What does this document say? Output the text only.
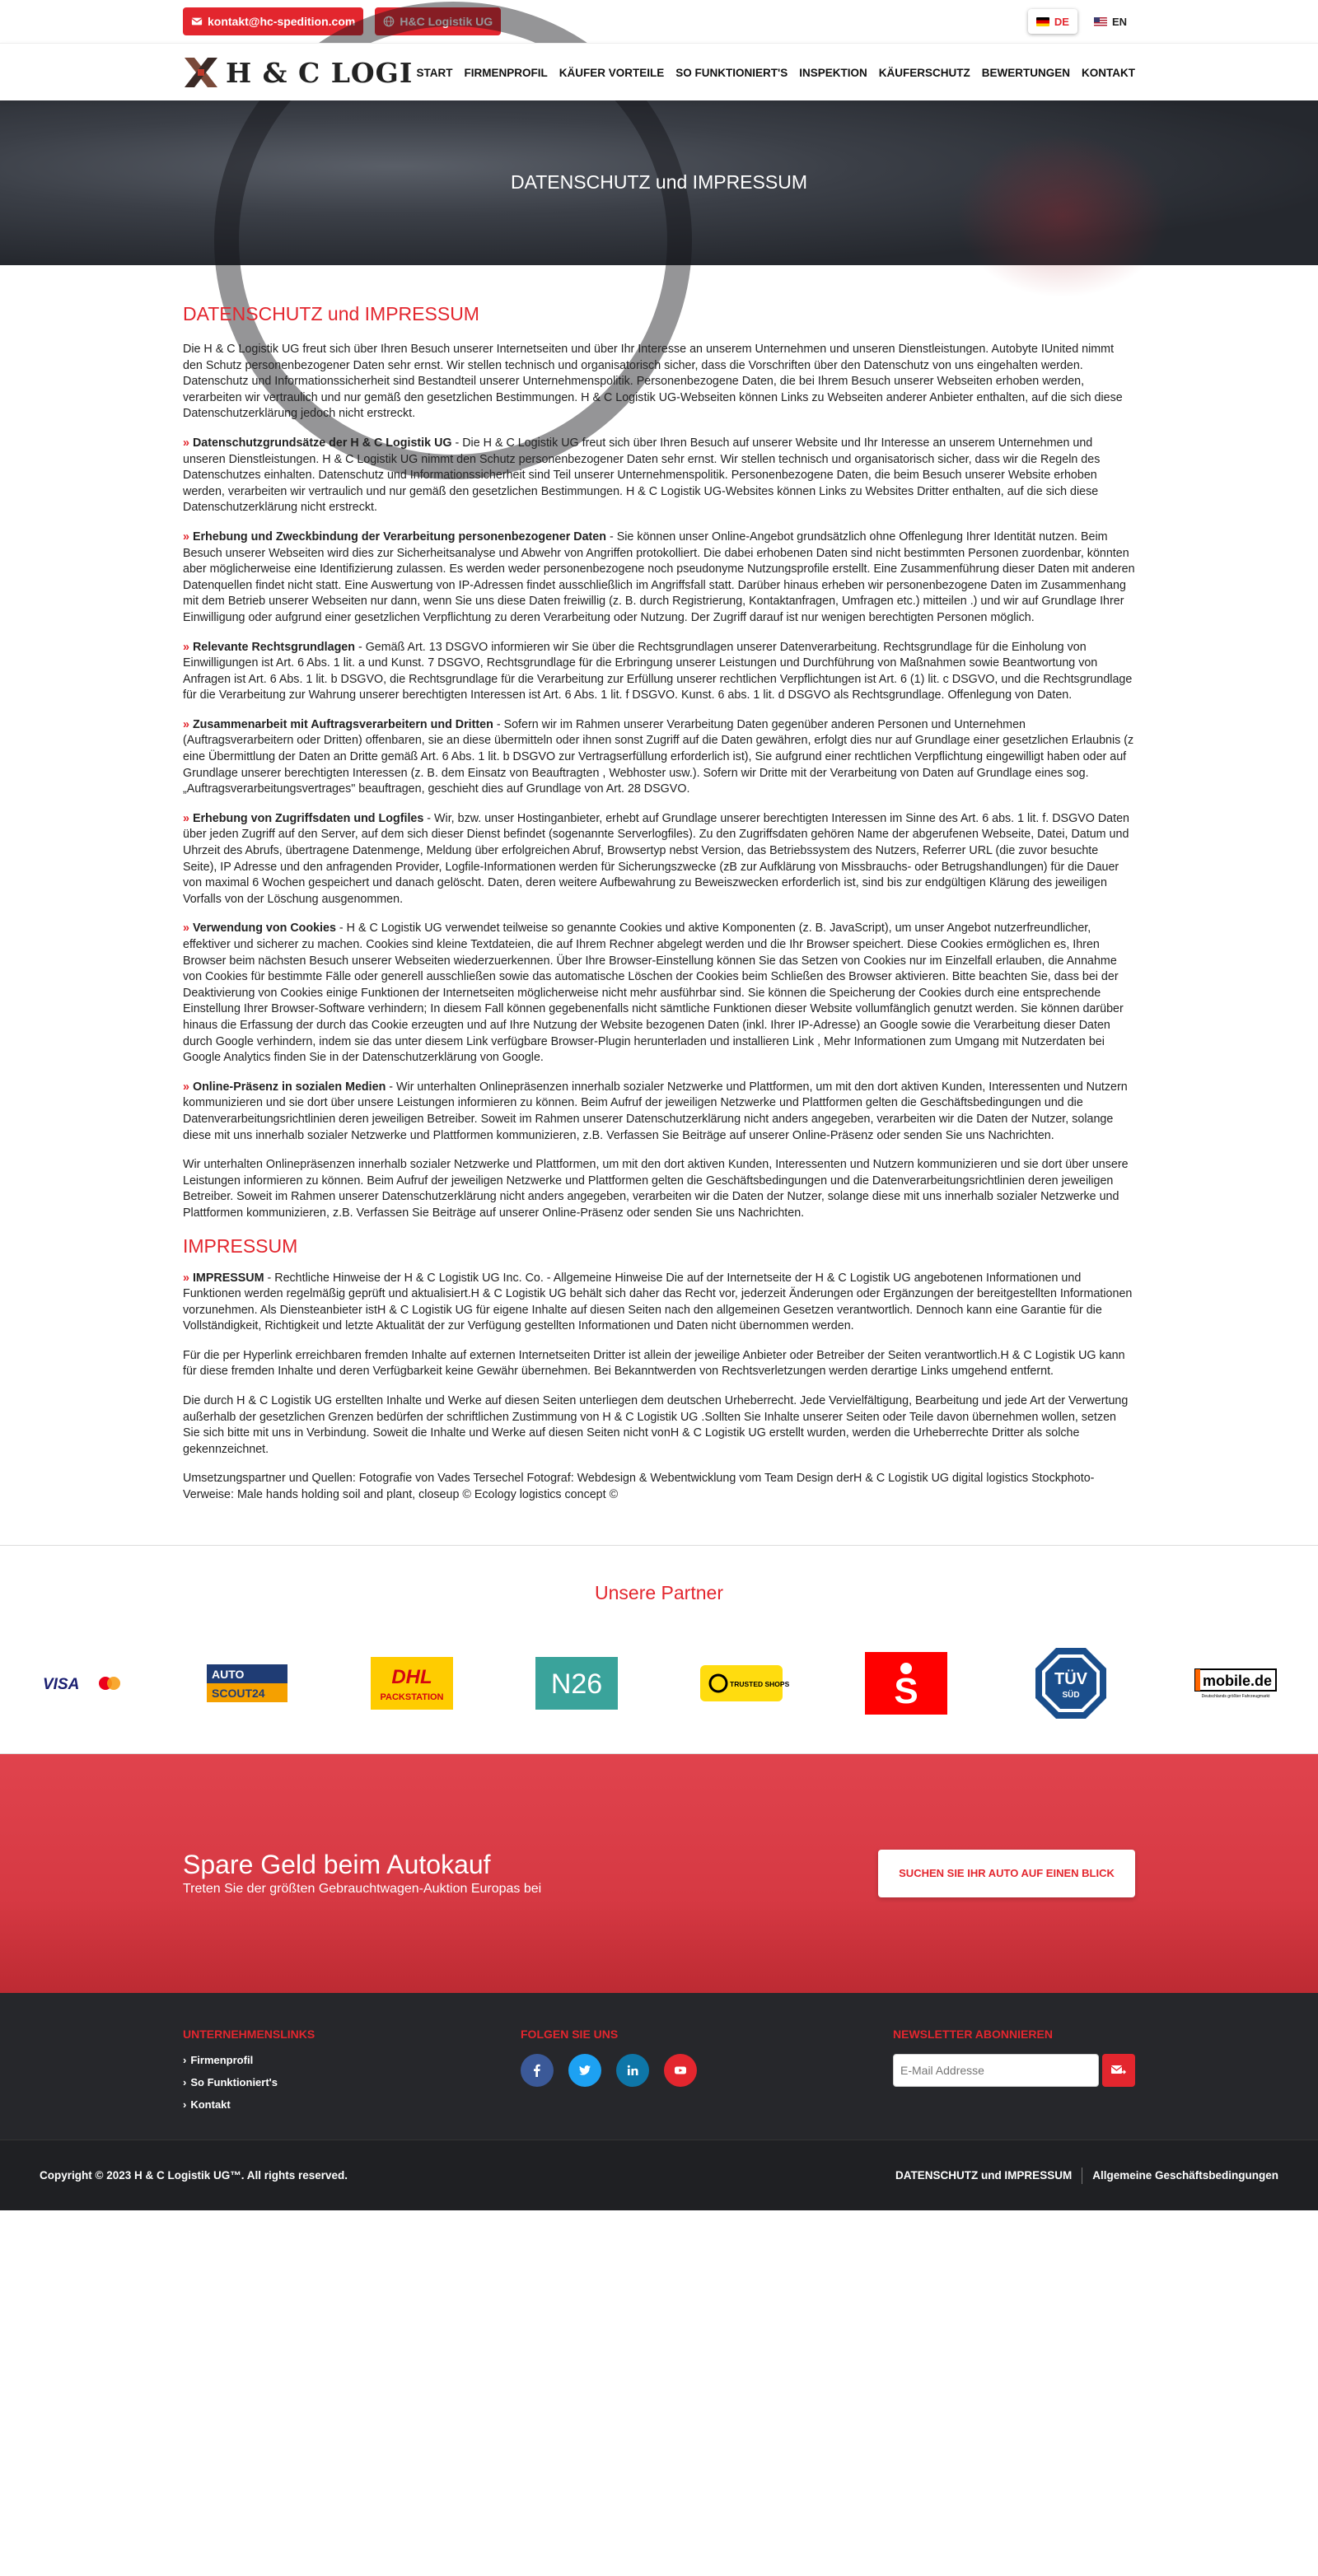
kontakt@hc-spedition.com	DE	EN
H & C LOGI START FIRMENPROFIL KÄUFER VORTEILE SO FUNKTIONIERT'S INSPEKTION KÄUFERSCHUTZ BEWERTUNGEN KONTAKT
DATENSCHUTZ und IMPRESSUM
DATENSCHUTZ und IMPRESSUM

Die H & C Logistik UG freut sich über Ihren Besuch unserer Internetseiten und über Ihr Interesse an unserem Unternehmen und unseren Dienstleistungen. Autobyte IUnited nimmt den Schutz personenbezogener Daten sehr ernst. Wir stellen technisch und organisatorisch sicher, dass die Vorschriften über den Datenschutz von uns eingehalten werden. Datenschutz und Informationssicherheit sind Bestandteil unserer Unternehmenspolitik. Personenbezogene Daten, die bei Ihrem Besuch unserer Webseiten erhoben werden, verarbeiten wir vertraulich und nur gemäß den gesetzlichen Bestimmungen. H & C Logistik UG-Webseiten können Links zu Webseiten anderer Anbieter enthalten, auf die sich diese Datenschutzerklärung jedoch nicht erstreckt.

» Datenschutzgrundsätze der H & C Logistik UG - Die H & C Logistik UG freut sich über Ihren Besuch auf unserer Website und Ihr Interesse an unserem Unternehmen und unseren Dienstleistungen. H & C Logistik UG nimmt den Schutz personenbezogener Daten sehr ernst. Wir stellen technisch und organisatorisch sicher, dass wir die Regeln des Datenschutzes einhalten. Datenschutz und Informationssicherheit sind Teil unserer Unternehmenspolitik. Personenbezogene Daten, die beim Besuch unserer Website erhoben werden, verarbeiten wir vertraulich und nur gemäß den gesetzlichen Bestimmungen. H & C Logistik UG-Websites können Links zu Websites Dritter enthalten, auf die sich diese Datenschutzerklärung nicht erstreckt.

» Erhebung und Zweckbindung der Verarbeitung personenbezogener Daten - Sie können unser Online-Angebot grundsätzlich ohne Offenlegung Ihrer Identität nutzen. Beim Besuch unserer Webseiten wird dies zur Sicherheitsanalyse und Abwehr von Angriffen protokolliert. Die dabei erhobenen Daten sind nicht bestimmten Personen zuordenbar, könnten aber möglicherweise eine Identifizierung zulassen. Es werden weder personenbezogene noch pseudonyme Nutzungsprofile erstellt. Eine Zusammenführung dieser Daten mit anderen Datenquellen findet nicht statt. Eine Auswertung von IP-Adressen findet ausschließlich im Angriffsfall statt. Darüber hinaus erheben wir personenbezogene Daten im Zusammenhang mit dem Betrieb unserer Webseiten nur dann, wenn Sie uns diese Daten freiwillig (z. B. durch Registrierung, Kontaktanfragen, Umfragen etc.) mitteilen .) und wir auf Grundlage Ihrer Einwilligung oder aufgrund einer gesetzlichen Verpflichtung zu deren Verarbeitung oder Nutzung. Der Zugriff darauf ist nur wenigen berechtigten Personen möglich.

» Relevante Rechtsgrundlagen - Gemäß Art. 13 DSGVO informieren wir Sie über die Rechtsgrundlagen unserer Datenverarbeitung. Rechtsgrundlage für die Einholung von Einwilligungen ist Art. 6 Abs. 1 lit. a und Kunst. 7 DSGVO, Rechtsgrundlage für die Erbringung unserer Leistungen und Durchführung von Maßnahmen sowie Beantwortung von Anfragen ist Art. 6 Abs. 1 lit. b DSGVO, die Rechtsgrundlage für die Verarbeitung zur Erfüllung unserer rechtlichen Verpflichtungen ist Art. 6 (1) lit. c DSGVO, und die Rechtsgrundlage für die Verarbeitung zur Wahrung unserer berechtigten Interessen ist Art. 6 Abs. 1 lit. f DSGVO. Kunst. 6 abs. 1 lit. d DSGVO als Rechtsgrundlage. Offenlegung von Daten.

» Zusammenarbeit mit Auftragsverarbeitern und Dritten - Sofern wir im Rahmen unserer Verarbeitung Daten gegenüber anderen Personen und Unternehmen (Auftragsverarbeitern oder Dritten) offenbaren, sie an diese übermitteln oder ihnen sonst Zugriff auf die Daten gewähren, erfolgt dies nur auf Grundlage einer gesetzlichen Erlaubnis (z eine Übermittlung der Daten an Dritte gemäß Art. 6 Abs. 1 lit. b DSGVO zur Vertragserfüllung erforderlich ist), Sie aufgrund einer rechtlichen Verpflichtung eingewilligt haben oder auf Grundlage unserer berechtigten Interessen (z. B. dem Einsatz von Beauftragten , Webhoster usw.). Sofern wir Dritte mit der Verarbeitung von Daten auf Grundlage eines sog. „Auftragsverarbeitungsvertrages" beauftragen, geschieht dies auf Grundlage von Art. 28 DSGVO.

» Erhebung von Zugriffsdaten und Logfiles - Wir, bzw. unser Hostinganbieter, erhebt auf Grundlage unserer berechtigten Interessen im Sinne des Art. 6 abs. 1 lit. f. DSGVO Daten über jeden Zugriff auf den Server, auf dem sich dieser Dienst befindet (sogenannte Serverlogfiles). Zu den Zugriffsdaten gehören Name der abgerufenen Webseite, Datei, Datum und Uhrzeit des Abrufs, übertragene Datenmenge, Meldung über erfolgreichen Abruf, Browsertyp nebst Version, das Betriebssystem des Nutzers, Referrer URL (die zuvor besuchte Seite), IP Adresse und den anfragenden Provider, Logfile-Informationen werden für Sicherungszwecke (zB zur Aufklärung von Missbrauchs- oder Betrugshandlungen) für die Dauer von maximal 6 Wochen gespeichert und danach gelöscht. Daten, deren weitere Aufbewahrung zu Beweiszwecken erforderlich ist, sind bis zur endgültigen Klärung des jeweiligen Vorfalls von der Löschung ausgenommen.

» Verwendung von Cookies - H & C Logistik UG verwendet teilweise so genannte Cookies und aktive Komponenten (z. B. JavaScript), um unser Angebot nutzerfreundlicher, effektiver und sicherer zu machen. Cookies sind kleine Textdateien, die auf Ihrem Rechner abgelegt werden und die Ihr Browser speichert. Diese Cookies ermöglichen es, Ihren Browser beim nächsten Besuch unserer Webseiten wiederzuerkennen. Über Ihre Browser-Einstellung können Sie das Setzen von Cookies nur im Einzelfall erlauben, die Annahme von Cookies für bestimmte Fälle oder generell ausschließen sowie das automatische Löschen der Cookies beim Schließen des Browser aktivieren. Bitte beachten Sie, dass bei der Deaktivierung von Cookies einige Funktionen der Internetseiten möglicherweise nicht mehr ausführbar sind. Sie können die Speicherung der Cookies durch eine entsprechende Einstellung Ihrer Browser-Software verhindern; In diesem Fall können gegebenenfalls nicht sämtliche Funktionen dieser Website vollumfänglich genutzt werden. Sie können darüber hinaus die Erfassung der durch das Cookie erzeugten und auf Ihre Nutzung der Website bezogenen Daten (inkl. Ihrer IP-Adresse) an Google sowie die Verarbeitung dieser Daten durch Google verhindern, indem sie das unter diesem Link verfügbare Browser-Plugin herunterladen und installieren Link , Mehr Informationen zum Umgang mit Nutzerdaten bei Google Analytics finden Sie in der Datenschutzerklärung von Google.

» Online-Präsenz in sozialen Medien - Wir unterhalten Onlinepräsenzen innerhalb sozialer Netzwerke und Plattformen, um mit den dort aktiven Kunden, Interessenten und Nutzern kommunizieren und sie dort über unsere Leistungen informieren zu können. Beim Aufruf der jeweiligen Netzwerke und Plattformen gelten die Geschäftsbedingungen und die Datenverarbeitungsrichtlinien deren jeweiligen Betreiber. Soweit im Rahmen unserer Datenschutzerklärung nicht anders angegeben, verarbeiten wir die Daten der Nutzer, solange diese mit uns innerhalb sozialer Netzwerke und Plattformen kommunizieren, z.B. Verfassen Sie Beiträge auf unserer Online-Präsenz oder senden Sie uns Nachrichten.

Wir unterhalten Onlinepräsenzen innerhalb sozialer Netzwerke und Plattformen, um mit den dort aktiven Kunden, Interessenten und Nutzern kommunizieren und sie dort über unsere Leistungen informieren zu können. Beim Aufruf der jeweiligen Netzwerke und Plattformen gelten die Geschäftsbedingungen und die Datenverarbeitungsrichtlinien deren jeweiligen Betreiber. Soweit im Rahmen unserer Datenschutzerklärung nicht anders angegeben, verarbeiten wir die Daten der Nutzer, solange diese mit uns innerhalb sozialer Netzwerke und Plattformen kommunizieren, z.B. Verfassen Sie Beiträge auf unserer Online-Präsenz oder senden Sie uns Nachrichten.

IMPRESSUM

» IMPRESSUM - Rechtliche Hinweise der H & C Logistik UG Inc. Co. - Allgemeine Hinweise Die auf der Internetseite der H & C Logistik UG angebotenen Informationen und Funktionen werden regelmäßig geprüft und aktualisiert.H & C Logistik UG behält sich daher das Recht vor, jederzeit Änderungen oder Ergänzungen der bereitgestellten Informationen vorzunehmen. Als Diensteanbieter istH & C Logistik UG für eigene Inhalte auf diesen Seiten nach den allgemeinen Gesetzen verantwortlich. Dennoch kann eine Garantie für die Vollständigkeit, Richtigkeit und letzte Aktualität der zur Verfügung gestellten Informationen und Daten nicht übernommen werden.

Für die per Hyperlink erreichbaren fremden Inhalte auf externen Internetseiten Dritter ist allein der jeweilige Anbieter oder Betreiber der Seiten verantwortlich.H & C Logistik UG kann für diese fremden Inhalte und deren Verfügbarkeit keine Gewähr übernehmen. Bei Bekanntwerden von Rechtsverletzungen werden derartige Links umgehend entfernt.

Die durch H & C Logistik UG erstellten Inhalte und Werke auf diesen Seiten unterliegen dem deutschen Urheberrecht. Jede Vervielfältigung, Bearbeitung und jede Art der Verwertung außerhalb der gesetzlichen Grenzen bedürfen der schriftlichen Zustimmung von H & C Logistik UG .Sollten Sie Inhalte unserer Seiten oder Teile davon übernehmen wollen, setzen Sie sich bitte mit uns in Verbindung. Soweit die Inhalte und Werke auf diesen Seiten nicht vonH & C Logistik UG erstellt wurden, werden die Urheberrechte Dritter als solche gekennzeichnet.

Umsetzungspartner und Quellen: Fotografie von Vades Tersechel Fotograf: Webdesign & Webentwicklung vom Team Design derH & C Logistik UG digital logistics Stockphoto-Verweise: Male hands holding soil and plant, closeup © Ecology logistics concept ©

Unsere Partner
VISA
AUTO
SCOUT24
DHL
PACKSTATION	N26	TRUSTED SHOPS	S	TÜV
SÜD
mobile.de
Deutschlands größter Fahrzeugmarkt
Spare Geld beim Autokauf

Treten Sie der größten Gebrauchtwagen-Auktion Europas bei

SUCHEN SIE IHR AUTO AUF EINEN BLICK
UNTERNEHMENSLINKS
› Firmenprofil
› So Funktioniert's
› Kontakt
FOLGEN SIE UNS	NEWSLETTER ABONNIEREN
E-Mail Addresse
Copyright © 2023 H & C Logistik UG™. All rights reserved.	DATENSCHUTZ und IMPRESSUM Allgemeine Geschäftsbedingungen
